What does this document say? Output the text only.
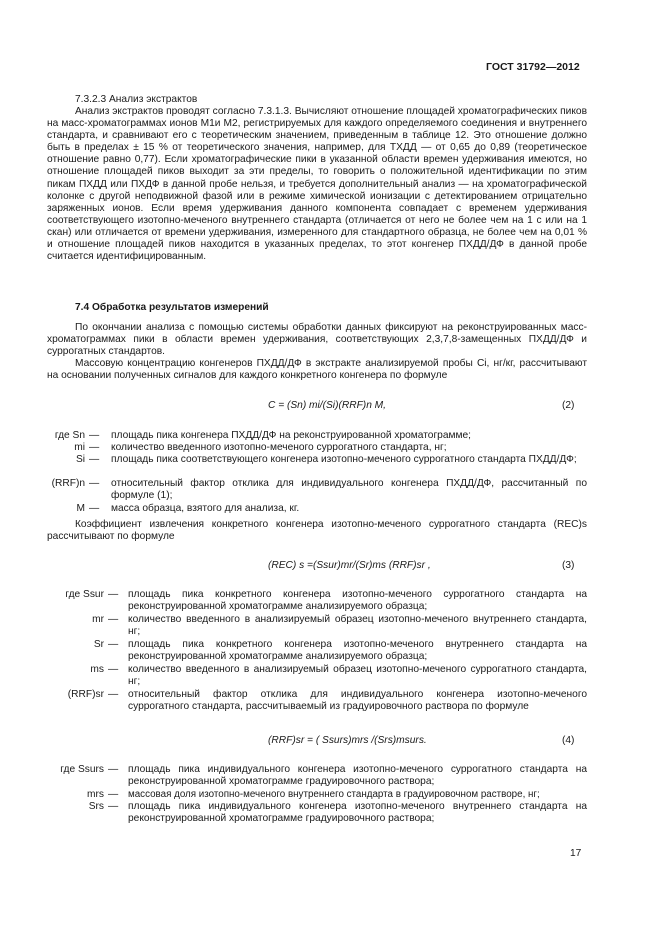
ГОСТ 31792—2012
7.3.2.3 Анализ экстрактов

Анализ экстрактов проводят согласно 7.3.1.3. Вычисляют отношение площадей хроматографических пиков на масс-хроматограммах ионов M1и M2, регистрируемых для каждого определяемого соединения и внутреннего стандарта, и сравнивают его с теоретическим значением, приведенным в таблице 12. Это отношение должно быть в пределах ± 15 % от теоретического значения, например, для ТХДД — от 0,65 до 0,89 (теоретическое отношение равно 0,77). Если хроматографические пики в указанной области времен удерживания имеются, но отношение площадей пиков выходит за эти пределы, то говорить о положительной идентификации по этим пикам ПХДД или ПХДФ в данной пробе нельзя, и требуется дополнительный анализ — на хроматографической колонке с другой неподвижной фазой или в режиме химической ионизации с детектированием отрицательно заряженных ионов. Если время удерживания данного компонента совпадает с временем удерживания соответствующего изотопно-меченого внутреннего стандарта (отличается от него не более чем на 1 с или на 1 скан) или отличается от времени удерживания, измеренного для стандартного образца, не более чем на 0,01 % и отношение площадей пиков находится в указанных пределах, то этот конгенер ПХДД/ДФ в данной пробе считается идентифицированным.

7.4 Обработка результатов измерений

По окончании анализа с помощью системы обработки данных фиксируют на реконструированных масс-хроматограммах пики в области времен удерживания, соответствующих 2,3,7,8-замещенных ПХДД/ДФ и суррогатных стандартов.

Массовую концентрацию конгенеров ПХДД/ДФ в экстракте анализируемой пробы Ci, нг/кг, рассчитывают на основании полученных сигналов для каждого конкретного конгенера по формуле

C = (Sn) mi/(Si)(RRF)n M,	(2)
где Sn — площадь пика конгенера ПХДД/ДФ на реконструированной хроматограмме;
mi — количество введенного изотопно-меченого суррогатного стандарта, нг;
Si — площадь пика соответствующего конгенера изотопно-меченого суррогатного стандарта ПХДД/ДФ;
(RRF)n — относительный фактор отклика для индивидуального конгенера ПХДД/ДФ, рассчитанный по формуле (1);
M — масса образца, взятого для анализа, кг.

Коэффициент извлечения конкретного конгенера изотопно-меченого суррогатного стандарта (REC)s рассчитывают по формуле

(REC) s =(Ssur)mr/(Sr)ms (RRF)sr ,	(3)
где Ssur — площадь пика конкретного конгенера изотопно-меченого суррогатного стандарта на реконструированной хроматограмме анализируемого образца;
mr — количество введенного в анализируемый образец изотопно-меченого внутреннего стандарта, нг;
Sr — площадь пика конкретного конгенера изотопно-меченого внутреннего стандарта на реконструированной хроматограмме анализируемого образца;
ms — количество введенного в анализируемый образец изотопно-меченого суррогатного стандарта, нг;
(RRF)sr — относительный фактор отклика для индивидуального конгенера изотопно-меченого суррогатного стандарта, рассчитываемый из градуировочного раствора по формуле
(RRF)sr = ( Ssurs)mrs /(Srs)msurs.	(4)
где Ssurs — площадь пика индивидуального конгенера изотопно-меченого суррогатного стандарта на реконструированной хроматограмме градуировочного раствора;
mrs — массовая доля изотопно-меченого внутреннего стандарта в градуировочном растворе, нг;
Srs — площадь пика индивидуального конгенера изотопно-меченого внутреннего стандарта на реконструированной хроматограмме градуировочного раствора;
17
